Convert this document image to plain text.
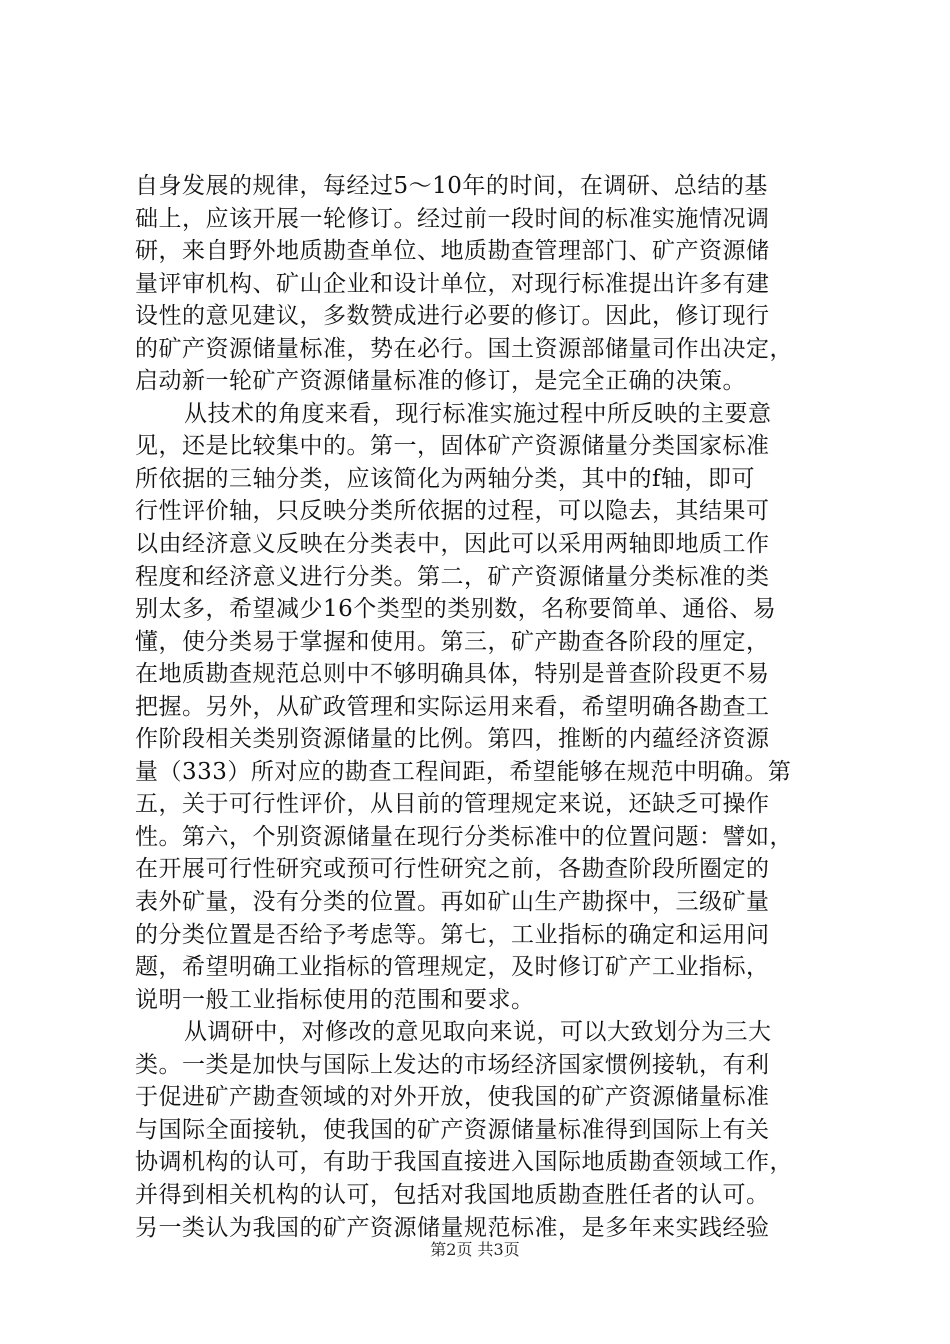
自身发展的规律，每经过5～10年的时间，在调研、总结的基
础上，应该开展一轮修订。经过前一段时间的标准实施情况调
研，来自野外地质勘查单位、地质勘查管理部门、矿产资源储
量评审机构、矿山企业和设计单位，对现行标准提出许多有建
设性的意见建议，多数赞成进行必要的修订。因此，修订现行
的矿产资源储量标准，势在必行。国土资源部储量司作出决定，
启动新一轮矿产资源储量标准的修订，是完全正确的决策。
从技术的角度来看，现行标准实施过程中所反映的主要意
见，还是比较集中的。第一，固体矿产资源储量分类国家标准
所依据的三轴分类，应该简化为两轴分类，其中的f轴，即可
行性评价轴，只反映分类所依据的过程，可以隐去，其结果可
以由经济意义反映在分类表中，因此可以采用两轴即地质工作
程度和经济意义进行分类。第二，矿产资源储量分类标准的类
别太多，希望减少16个类型的类别数，名称要简单、通俗、易
懂，使分类易于掌握和使用。第三，矿产勘查各阶段的厘定，
在地质勘查规范总则中不够明确具体，特别是普查阶段更不易
把握。另外，从矿政管理和实际运用来看，希望明确各勘查工
作阶段相关类别资源储量的比例。第四，推断的内蕴经济资源
量（333）所对应的勘查工程间距，希望能够在规范中明确。第
五，关于可行性评价，从目前的管理规定来说，还缺乏可操作
性。第六，个别资源储量在现行分类标准中的位置问题：譬如，
在开展可行性研究或预可行性研究之前，各勘查阶段所圈定的
表外矿量，没有分类的位置。再如矿山生产勘探中，三级矿量
的分类位置是否给予考虑等。第七，工业指标的确定和运用问
题，希望明确工业指标的管理规定，及时修订矿产工业指标，
说明一般工业指标使用的范围和要求。
从调研中，对修改的意见取向来说，可以大致划分为三大
类。一类是加快与国际上发达的市场经济国家惯例接轨，有利
于促进矿产勘查领域的对外开放，使我国的矿产资源储量标准
与国际全面接轨，使我国的矿产资源储量标准得到国际上有关
协调机构的认可，有助于我国直接进入国际地质勘查领域工作，
并得到相关机构的认可，包括对我国地质勘查胜任者的认可。
另一类认为我国的矿产资源储量规范标准，是多年来实践经验
第2页 共3页
